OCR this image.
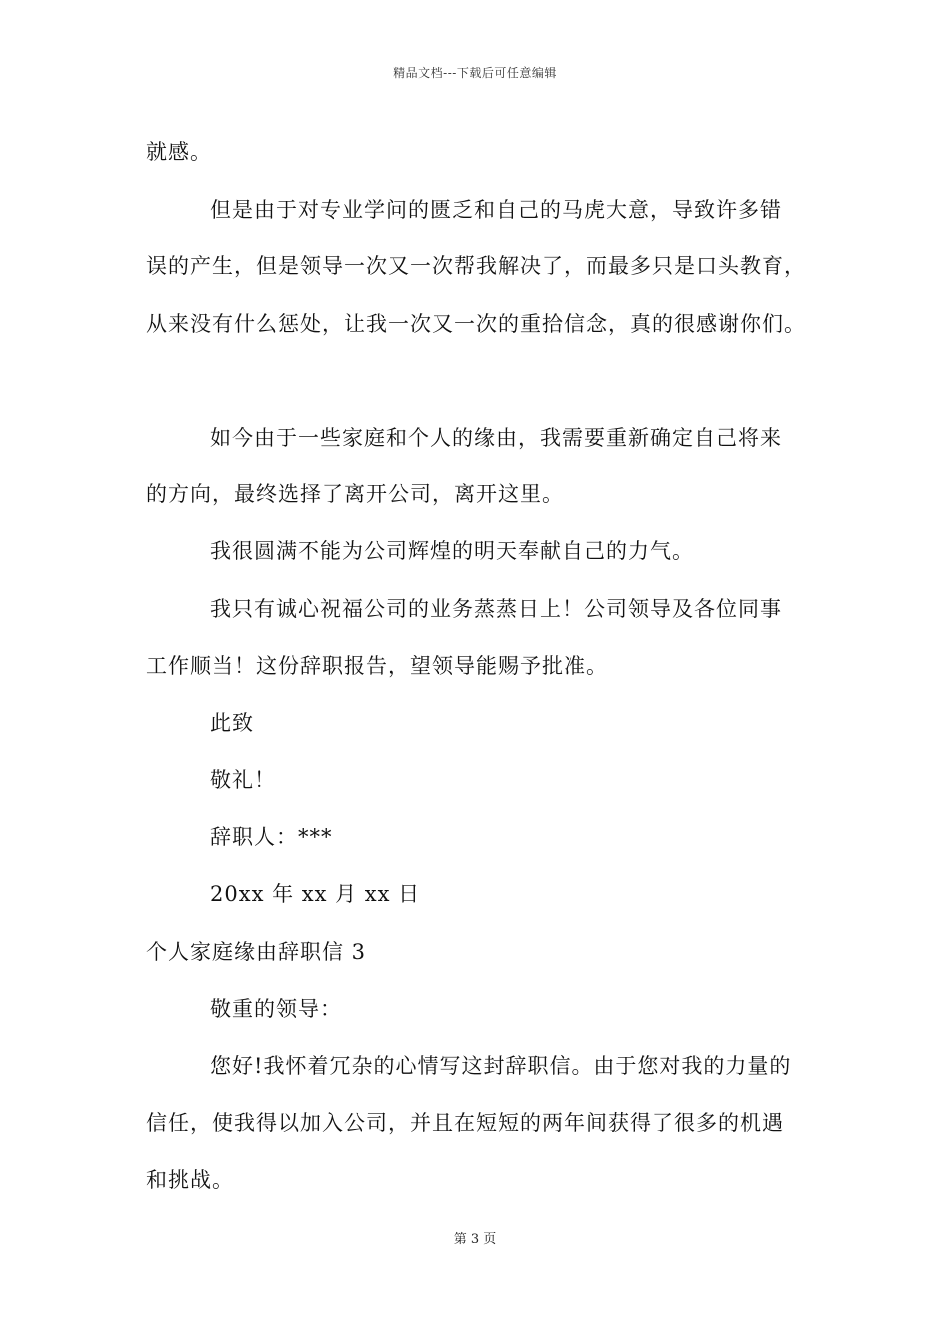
精品文档---下载后可任意编辑
就感。
但是由于对专业学问的匮乏和自己的马虎大意，导致许多错
误的产生，但是领导一次又一次帮我解决了，而最多只是口头教育，
从来没有什么惩处，让我一次又一次的重拾信念，真的很感谢你们。
如今由于一些家庭和个人的缘由，我需要重新确定自己将来
的方向，最终选择了离开公司，离开这里。
我很圆满不能为公司辉煌的明天奉献自己的力气。
我只有诚心祝福公司的业务蒸蒸日上！公司领导及各位同事
工作顺当！这份辞职报告，望领导能赐予批准。
此致
敬礼！
辞职人：***
20xx 年 xx 月 xx 日
个人家庭缘由辞职信 3
敬重的领导：
您好!我怀着冗杂的心情写这封辞职信。由于您对我的力量的
信任，使我得以加入公司，并且在短短的两年间获得了很多的机遇
和挑战。
第 3 页
